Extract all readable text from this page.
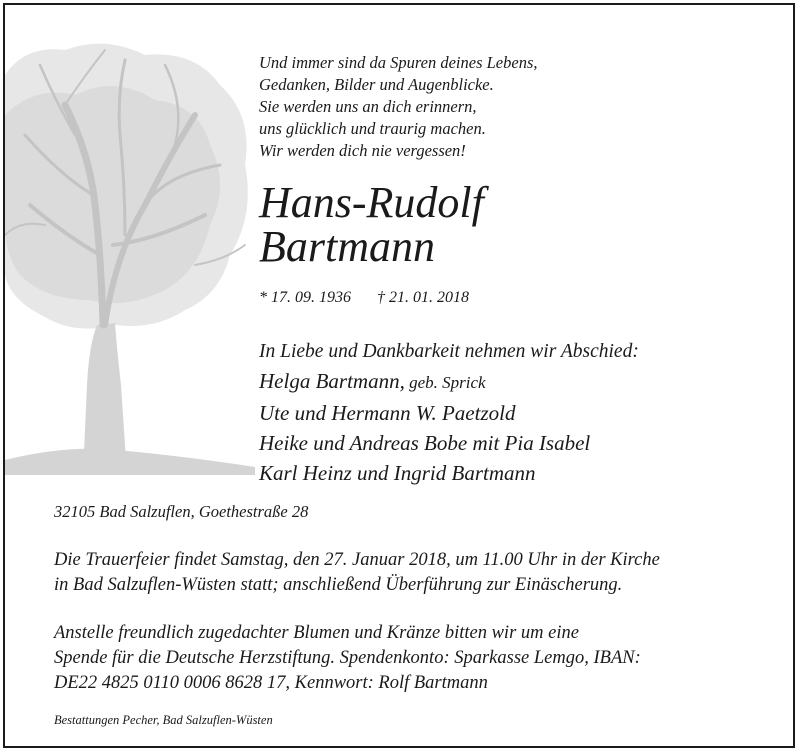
Und immer sind da Spuren deines Lebens,
Gedanken, Bilder und Augenblicke.
Sie werden uns an dich erinnern,
uns glücklich und traurig machen.
Wir werden dich nie vergessen!
Hans-Rudolf
Bartmann
* 17. 09. 1936 † 21. 01. 2018
In Liebe und Dankbarkeit nehmen wir Abschied:
Helga Bartmann, geb. Sprick
Ute und Hermann W. Paetzold
Heike und Andreas Bobe mit Pia Isabel
Karl Heinz und Ingrid Bartmann
32105 Bad Salzuflen, Goethestraße 28
Die Trauerfeier findet Samstag, den 27. Januar 2018, um 11.00 Uhr in der Kirche
in Bad Salzuflen-Wüsten statt; anschließend Überführung zur Einäscherung.
Anstelle freundlich zugedachter Blumen und Kränze bitten wir um eine
Spende für die Deutsche Herzstiftung. Spendenkonto: Sparkasse Lemgo, IBAN:
DE22 4825 0110 0006 8628 17, Kennwort: Rolf Bartmann
Bestattungen Pecher, Bad Salzuflen-Wüsten
